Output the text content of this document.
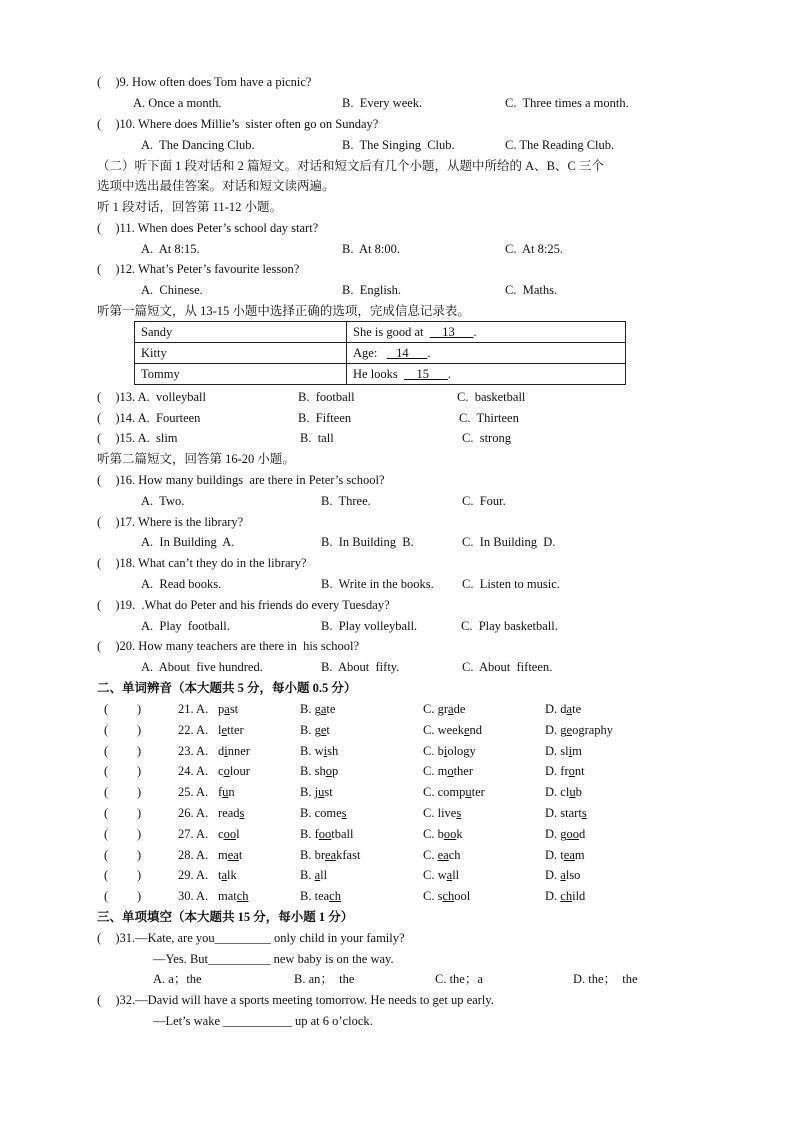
( )9. How often does Tom have a picnic?
A. Once a month.	B.  Every week.	C.  Three times a month.
( )10. Where does Millie’s  sister often go on Sunday?
A.  The Dancing Club.	B.  The Singing  Club.	C. The Reading Club.
（二）听下面 1 段对话和 2 篇短文。对话和短文后有几个小题，从题中所给的 A、B、C 三个
选项中选出最佳答案。对话和短文读两遍。
听 1 段对话，回答第 11-12 小题。
( )11. When does Peter’s school day start?
A.  At 8:15.	B.  At 8:00.	C.  At 8:25.
( )12. What’s Peter’s favourite lesson?
A.  Chinese.	B.  English.	C.  Maths.
听第一篇短文，从 13-15 小题中选择正确的选项，完成信息记录表。
Sandy	She is good at      13      .
Kitty	Age:      14      .
Tommy	He looks      15      .
( )13. A.  volleyball	B.  football	C.  basketball
( )14. A.  Fourteen	B.  Fifteen	C.  Thirteen
( )15. A.  slim	B.  tall	C.  strong
听第二篇短文，回答第 16-20 小题。
( )16. How many buildings  are there in Peter’s school?
A.  Two.	B.  Three.	C.  Four.
( )17. Where is the library?
A.  In Building  A.	B.  In Building  B.	C.  In Building  D.
( )18. What can’t they do in the library?
A.  Read books.	B.  Write in the books. C.  Listen to music.
( )19.  .What do Peter and his friends do every Tuesday?
A.  Play  football.	B.  Play volleyball.	C.  Play basketball.
( )20. How many teachers are there in  his school?
A.  About  five hundred.	B.  About  fifty.	C.  About  fifteen.
二、单词辨音（本大题共 5 分，每小题 0.5 分）
( )	21. A. past	B. gate	C. grade	D. date
( )	22. A. letter	B. get	C. weekend	D. geography
( )	23. A. dinner	B. wish	C. biology	D. slim
( )	24. A. colour	B. shop	C. mother	D. front
( )	25. A. fun	B. just	C. computer	D. club
( )	26. A. reads	B. comes	C. lives	D. starts
( )	27. A. cool	B. football	C. book	D. good
( )	28. A. meat	B. breakfast	C. each	D. team
( )	29. A. talk	B. all	C. wall	D. also
( )	30. A. match	B. teach	C. school	D. child
三、单项填空（本大题共 15 分，每小题 1 分）
( )31.—Kate, are you_________ only child in your family?
—Yes. But__________ new baby is on the way.
A. a；the	B. an；  the	C. the；a	D. the；  the
( )32.—David will have a sports meeting tomorrow. He needs to get up early.
—Let’s wake ___________ up at 6 o’clock.
